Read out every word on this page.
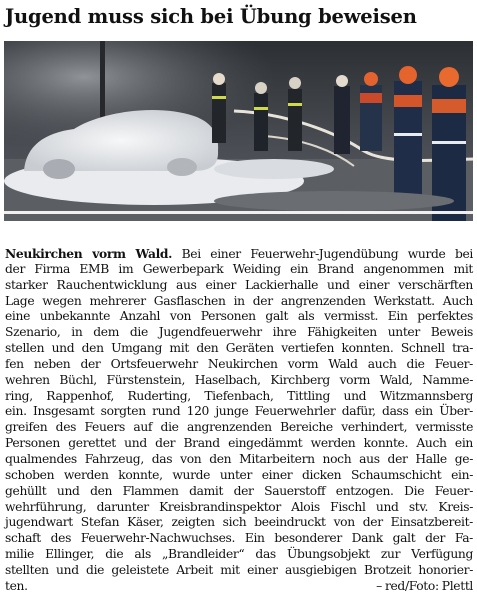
Jugend muss sich bei Übung beweisen
Neukirchen vorm Wald. Bei einer Feuerwehr-Jugendübung wurde bei
der Firma EMB im Gewerbepark Weiding ein Brand angenommen mit
starker Rauchentwicklung aus einer Lackierhalle und einer verschärften
Lage wegen mehrerer Gasflaschen in der angrenzenden Werkstatt. Auch
eine unbekannte Anzahl von Personen galt als vermisst. Ein perfektes
Szenario, in dem die Jugendfeuerwehr ihre Fähigkeiten unter Beweis
stellen und den Umgang mit den Geräten vertiefen konnten. Schnell tra-
fen neben der Ortsfeuerwehr Neukirchen vorm Wald auch die Feuer-
wehren Büchl, Fürstenstein, Haselbach, Kirchberg vorm Wald, Namme-
ring, Rappenhof, Ruderting, Tiefenbach, Tittling und Witzmannsberg
ein. Insgesamt sorgten rund 120 junge Feuerwehrler dafür, dass ein Über-
greifen des Feuers auf die angrenzenden Bereiche verhindert, vermisste
Personen gerettet und der Brand eingedämmt werden konnte. Auch ein
qualmendes Fahrzeug, das von den Mitarbeitern noch aus der Halle ge-
schoben werden konnte, wurde unter einer dicken Schaumschicht ein-
gehüllt und den Flammen damit der Sauerstoff entzogen. Die Feuer-
wehrführung, darunter Kreisbrandinspektor Alois Fischl und stv. Kreis-
jugendwart Stefan Käser, zeigten sich beeindruckt von der Einsatzbereit-
schaft des Feuerwehr-Nachwuchses. Ein besonderer Dank galt der Fa-
milie Ellinger, die als „Brandleider“ das Übungsobjekt zur Verfügung
stellten und die geleistete Arbeit mit einer ausgiebigen Brotzeit honorier-
ten.	– red/Foto: Plettl
